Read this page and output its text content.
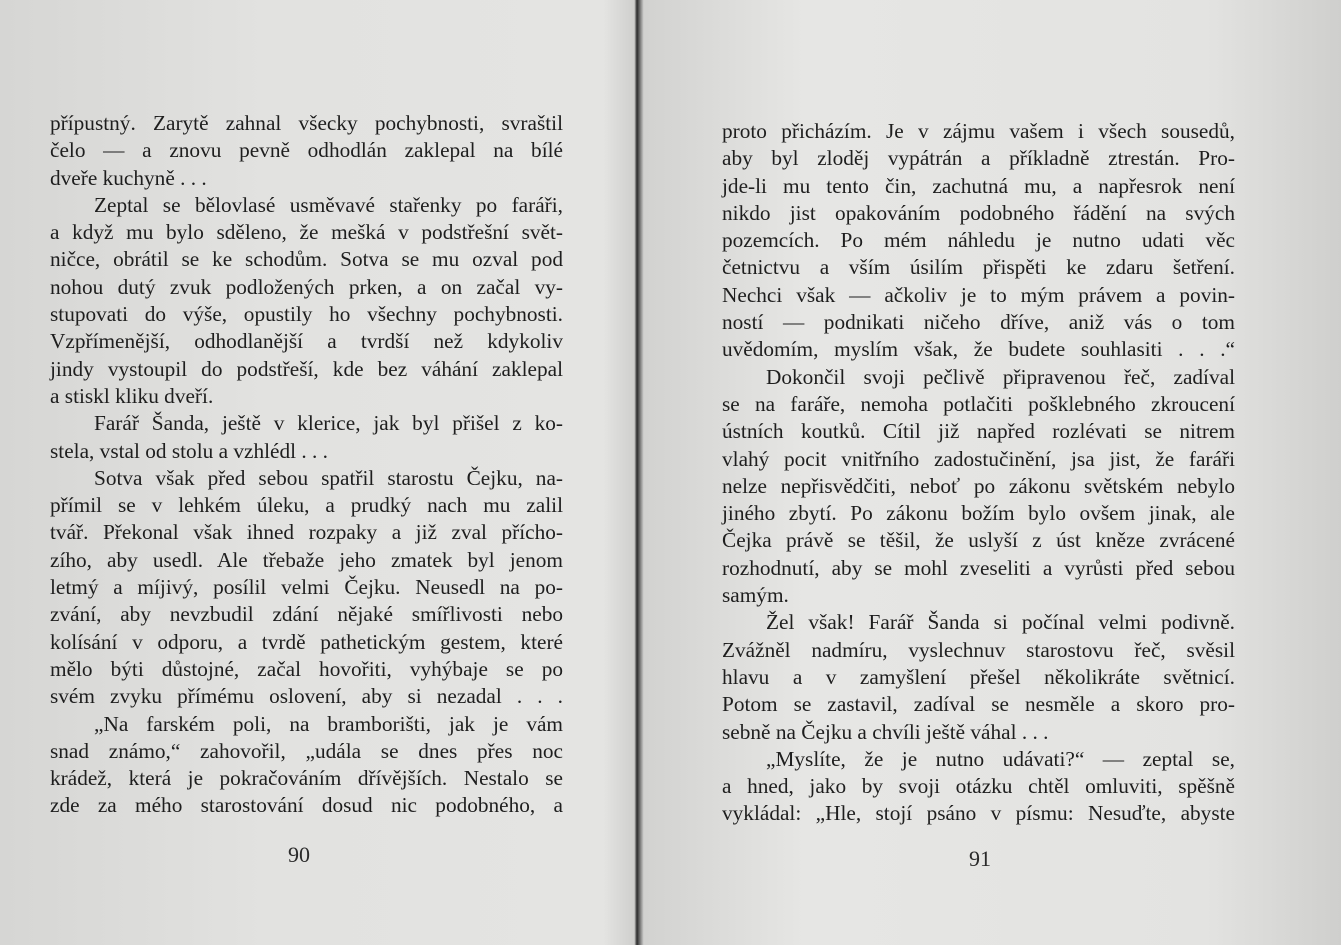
přípustný. Zarytě zahnal všecky pochybnosti, svraštil
čelo — a znovu pevně odhodlán zaklepal na bílé
dveře kuchyně . . .
Zeptal se bělovlasé usměvavé stařenky po faráři,
a když mu bylo sděleno, že mešká v podstřešní svět-
ničce, obrátil se ke schodům. Sotva se mu ozval pod
nohou dutý zvuk podložených prken, a on začal vy-
stupovati do výše, opustily ho všechny pochybnosti.
Vzpřímenější, odhodlanější a tvrdší než kdykoliv
jindy vystoupil do podstřeší, kde bez váhání zaklepal
a stiskl kliku dveří.
Farář Šanda, ještě v klerice, jak byl přišel z ko-
stela, vstal od stolu a vzhlédl . . .
Sotva však před sebou spatřil starostu Čejku, na-
přímil se v lehkém úleku, a prudký nach mu zalil
tvář. Překonal však ihned rozpaky a již zval přícho-
zího, aby usedl. Ale třebaže jeho zmatek byl jenom
letmý a míjivý, posílil velmi Čejku. Neusedl na po-
zvání, aby nevzbudil zdání nějaké smířlivosti nebo
kolísání v odporu, a tvrdě pathetickým gestem, které
mělo býti důstojné, začal hovořiti, vyhýbaje se po
svém zvyku přímému oslovení, aby si nezadal . . .
„Na farském poli, na bramborišti, jak je vám
snad známo,“ zahovořil, „udála se dnes přes noc
krádež, která je pokračováním dřívějších. Nestalo se
zde za mého starostování dosud nic podobného, a
90
proto přicházím. Je v zájmu vašem i všech sousedů,
aby byl zloděj vypátrán a příkladně ztrestán. Pro-
jde-li mu tento čin, zachutná mu, a napřesrok není
nikdo jist opakováním podobného řádění na svých
pozemcích. Po mém náhledu je nutno udati věc
četnictvu a vším úsilím přispěti ke zdaru šetření.
Nechci však — ačkoliv je to mým právem a povin-
ností — podnikati ničeho dříve, aniž vás o tom
uvědomím, myslím však, že budete souhlasiti . . .“
Dokončil svoji pečlivě připravenou řeč, zadíval
se na faráře, nemoha potlačiti pošklebného zkroucení
ústních koutků. Cítil již napřed rozlévati se nitrem
vlahý pocit vnitřního zadostučinění, jsa jist, že faráři
nelze nepřisvědčiti, neboť po zákonu světském nebylo
jiného zbytí. Po zákonu božím bylo ovšem jinak, ale
Čejka právě se těšil, že uslyší z úst kněze zvrácené
rozhodnutí, aby se mohl zveseliti a vyrůsti před sebou
samým.
Žel však! Farář Šanda si počínal velmi podivně.
Zvážněl nadmíru, vyslechnuv starostovu řeč, svěsil
hlavu a v zamyšlení přešel několikráte světnicí.
Potom se zastavil, zadíval se nesměle a skoro pro-
sebně na Čejku a chvíli ještě váhal . . .
„Myslíte, že je nutno udávati?“ — zeptal se,
a hned, jako by svoji otázku chtěl omluviti, spěšně
vykládal: „Hle, stojí psáno v písmu: Nesuďte, abyste
91
